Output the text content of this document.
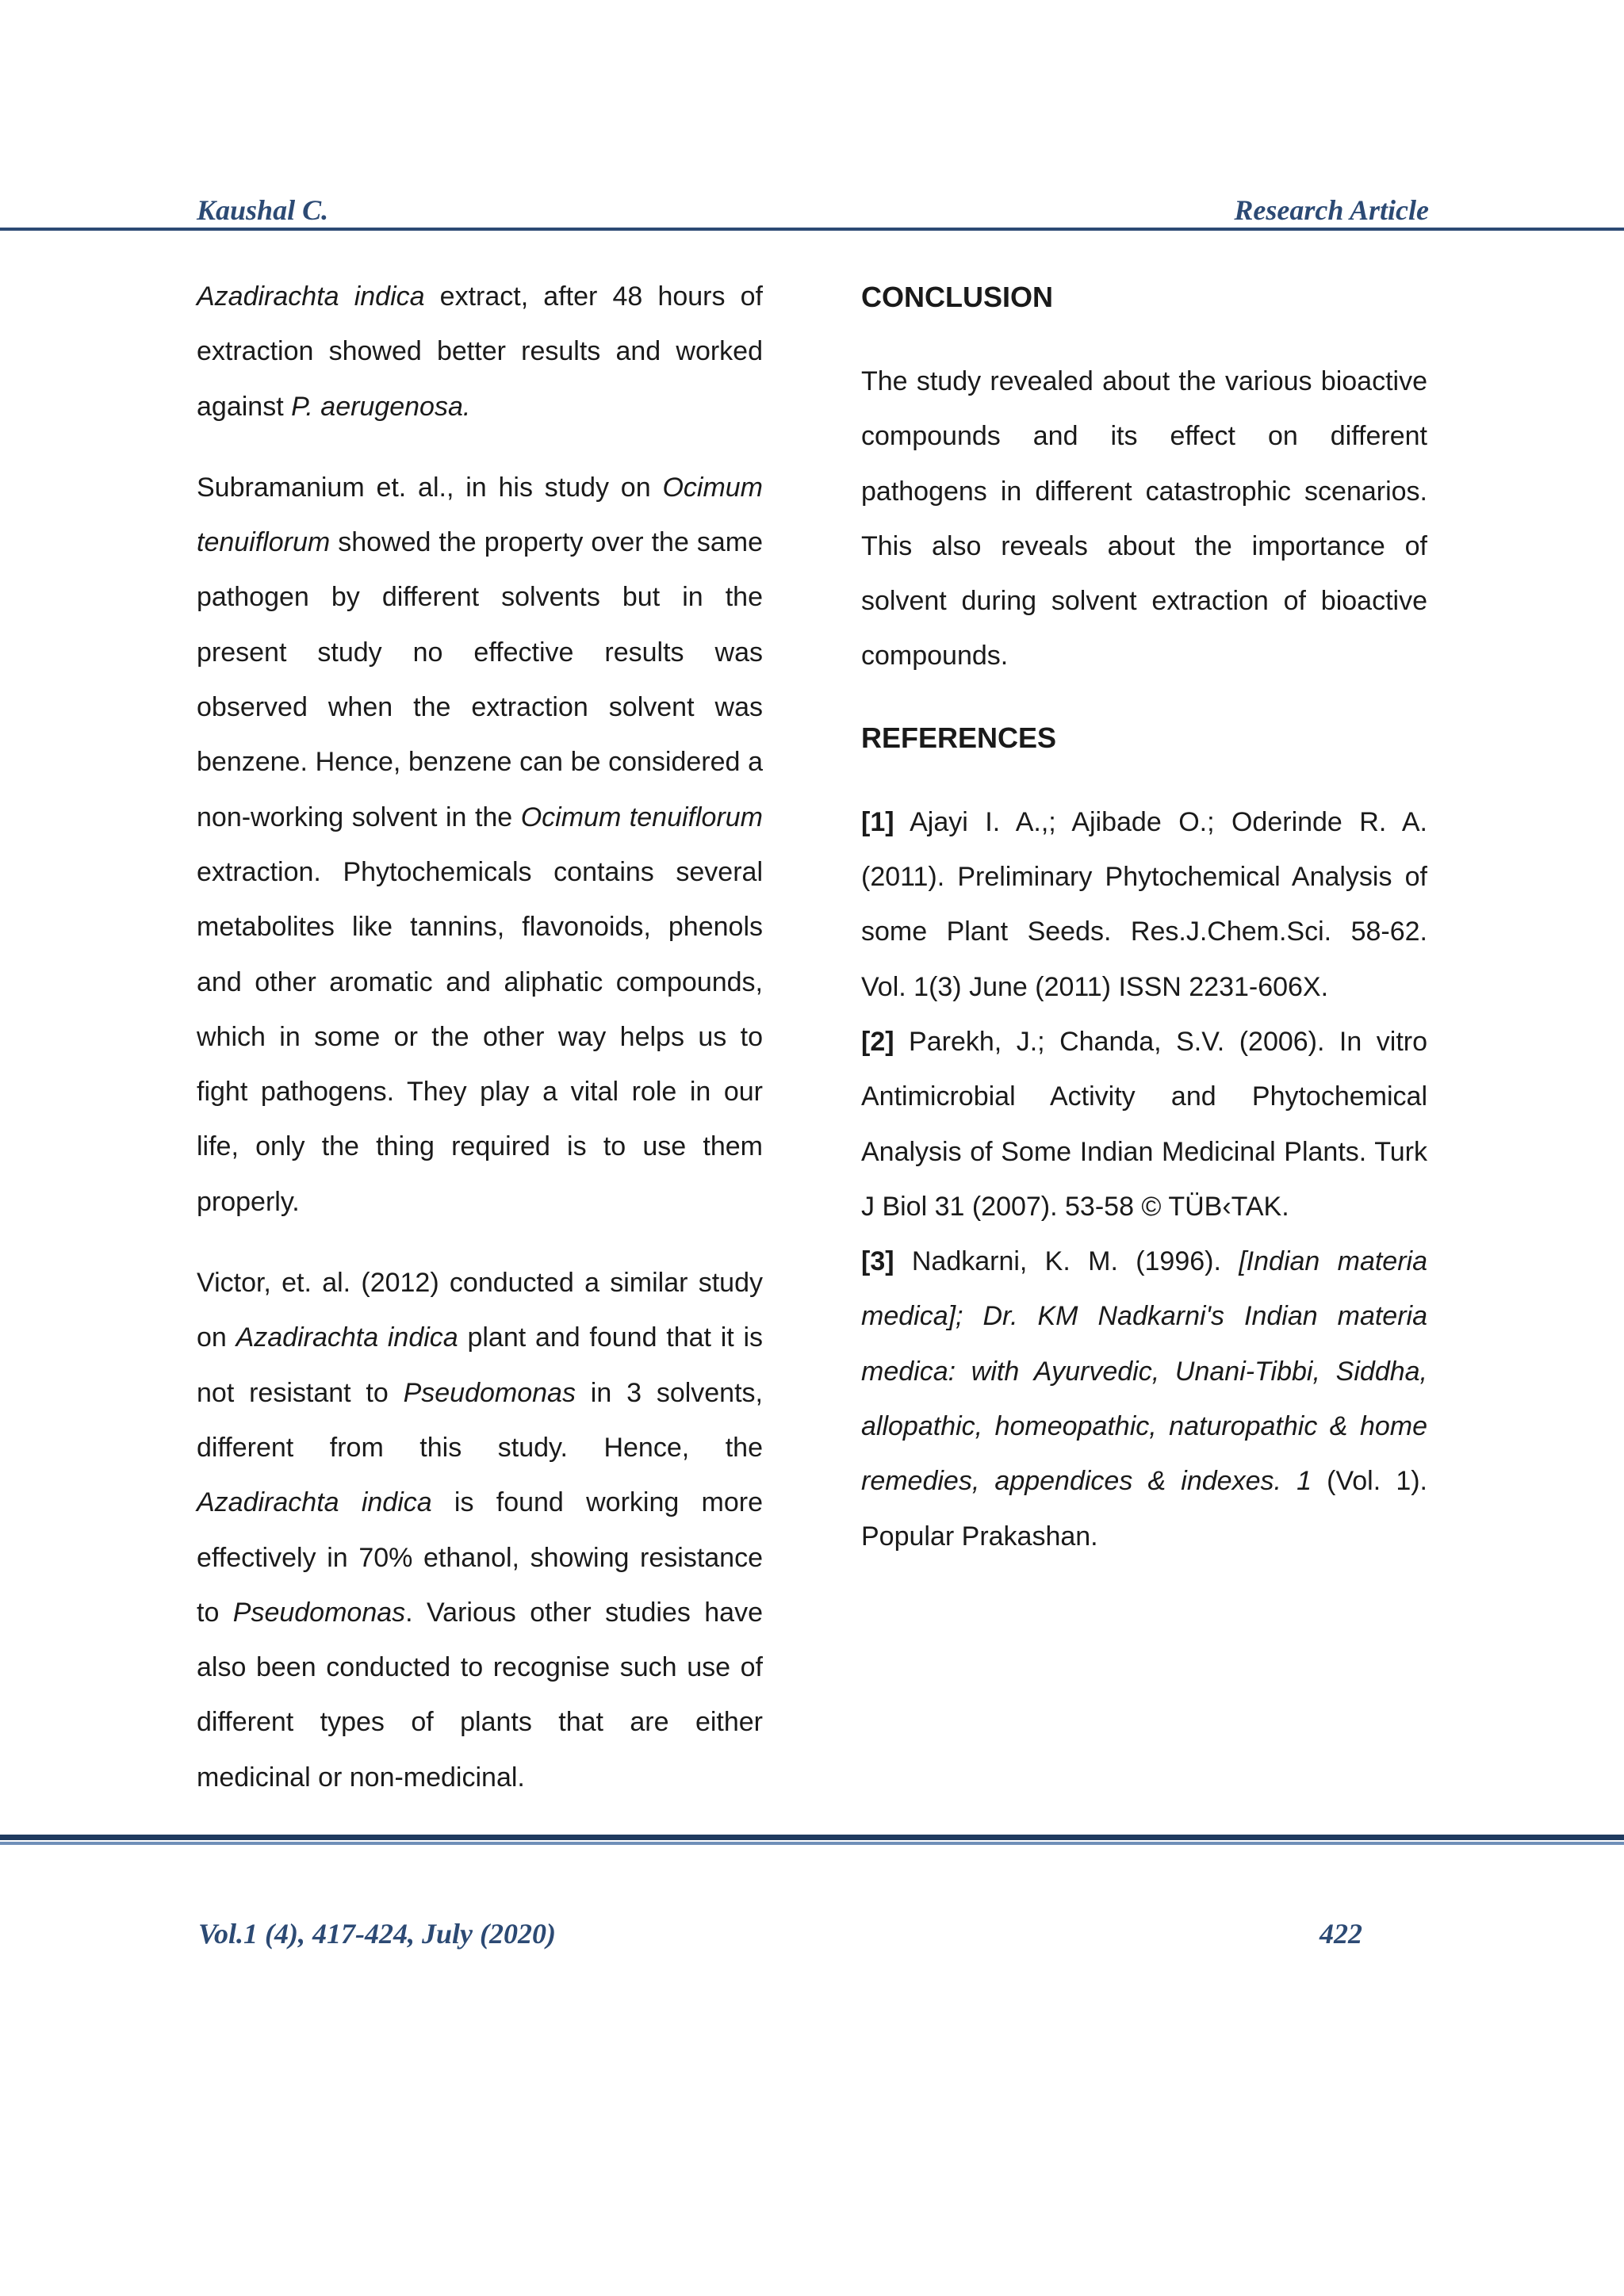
Kaushal C.	Research Article

Azadirachta indica extract, after 48 hours of extraction showed better results and worked against P. aerugenosa.

Subramanium et. al., in his study on Ocimum tenuiflorum showed the property over the same pathogen by different solvents but in the present study no effective results was observed when the extraction solvent was benzene. Hence, benzene can be considered a non-working solvent in the Ocimum tenuiflorum extraction. Phytochemicals contains several metabolites like tannins, flavonoids, phenols and other aromatic and aliphatic compounds, which in some or the other way helps us to fight pathogens. They play a vital role in our life, only the thing required is to use them properly.

Victor, et. al. (2012) conducted a similar study on Azadirachta indica plant and found that it is not resistant to Pseudomonas in 3 solvents, different from this study. Hence, the Azadirachta indica is found working more effectively in 70% ethanol, showing resistance to Pseudomonas. Various other studies have also been conducted to recognise such use of different types of plants that are either medicinal or non-medicinal.

CONCLUSION

The study revealed about the various bioactive compounds and its effect on different pathogens in different catastrophic scenarios. This also reveals about the importance of solvent during solvent extraction of bioactive compounds.

REFERENCES

[1] Ajayi I. A.,; Ajibade O.; Oderinde R. A. (2011). Preliminary Phytochemical Analysis of some Plant Seeds. Res.J.Chem.Sci. 58-62. Vol. 1(3) June (2011) ISSN 2231-606X.

[2] Parekh, J.; Chanda, S.V. (2006). In vitro Antimicrobial Activity and Phytochemical Analysis of Some Indian Medicinal Plants. Turk J Biol 31 (2007). 53-58 © TÜB‹TAK.

[3] Nadkarni, K. M. (1996). [Indian materia medica]; Dr. KM Nadkarni's Indian materia medica: with Ayurvedic, Unani-Tibbi, Siddha, allopathic, homeopathic, naturopathic & home remedies, appendices & indexes. 1 (Vol. 1). Popular Prakashan.

Vol.1 (4), 417-424, July (2020)	422
